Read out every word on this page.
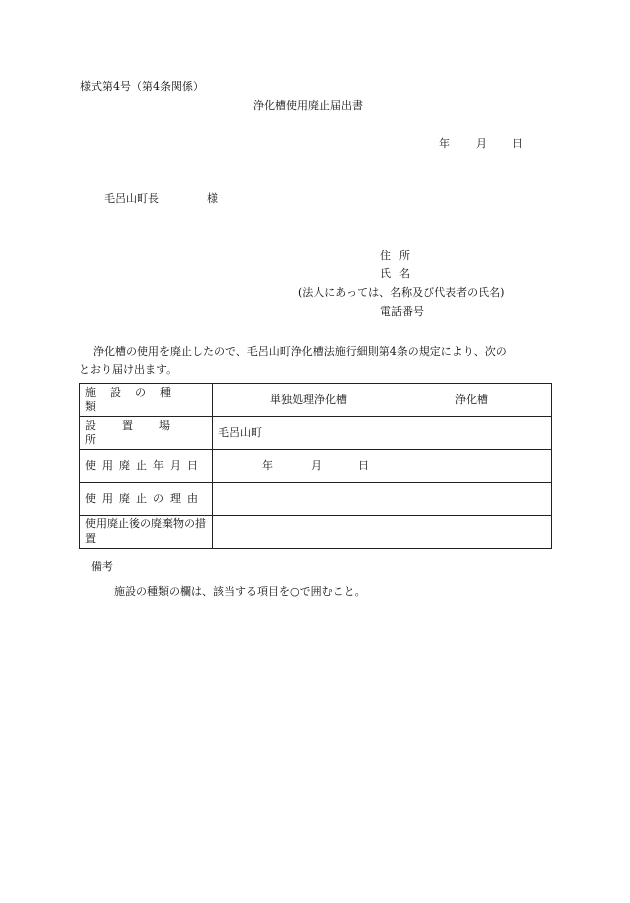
様式第4号（第4条関係）
浄化槽使用廃止届出書
年 月 日
毛呂山町長	様
住所
氏名
(法人にあっては、名称及び代表者の氏名)
電話番号
浄化槽の使用を廃止したので、毛呂山町浄化槽法施行細則第4条の規定により、次の
とおり届け出ます。
施設の種類	単独処理浄化槽 浄化槽

設置場所	毛呂山町
使用廃止年月日	年 月 日

使用廃止の理由	

使用廃止後の廃棄物の措置	

備考
施設の種類の欄は、該当する項目を○で囲むこと。
